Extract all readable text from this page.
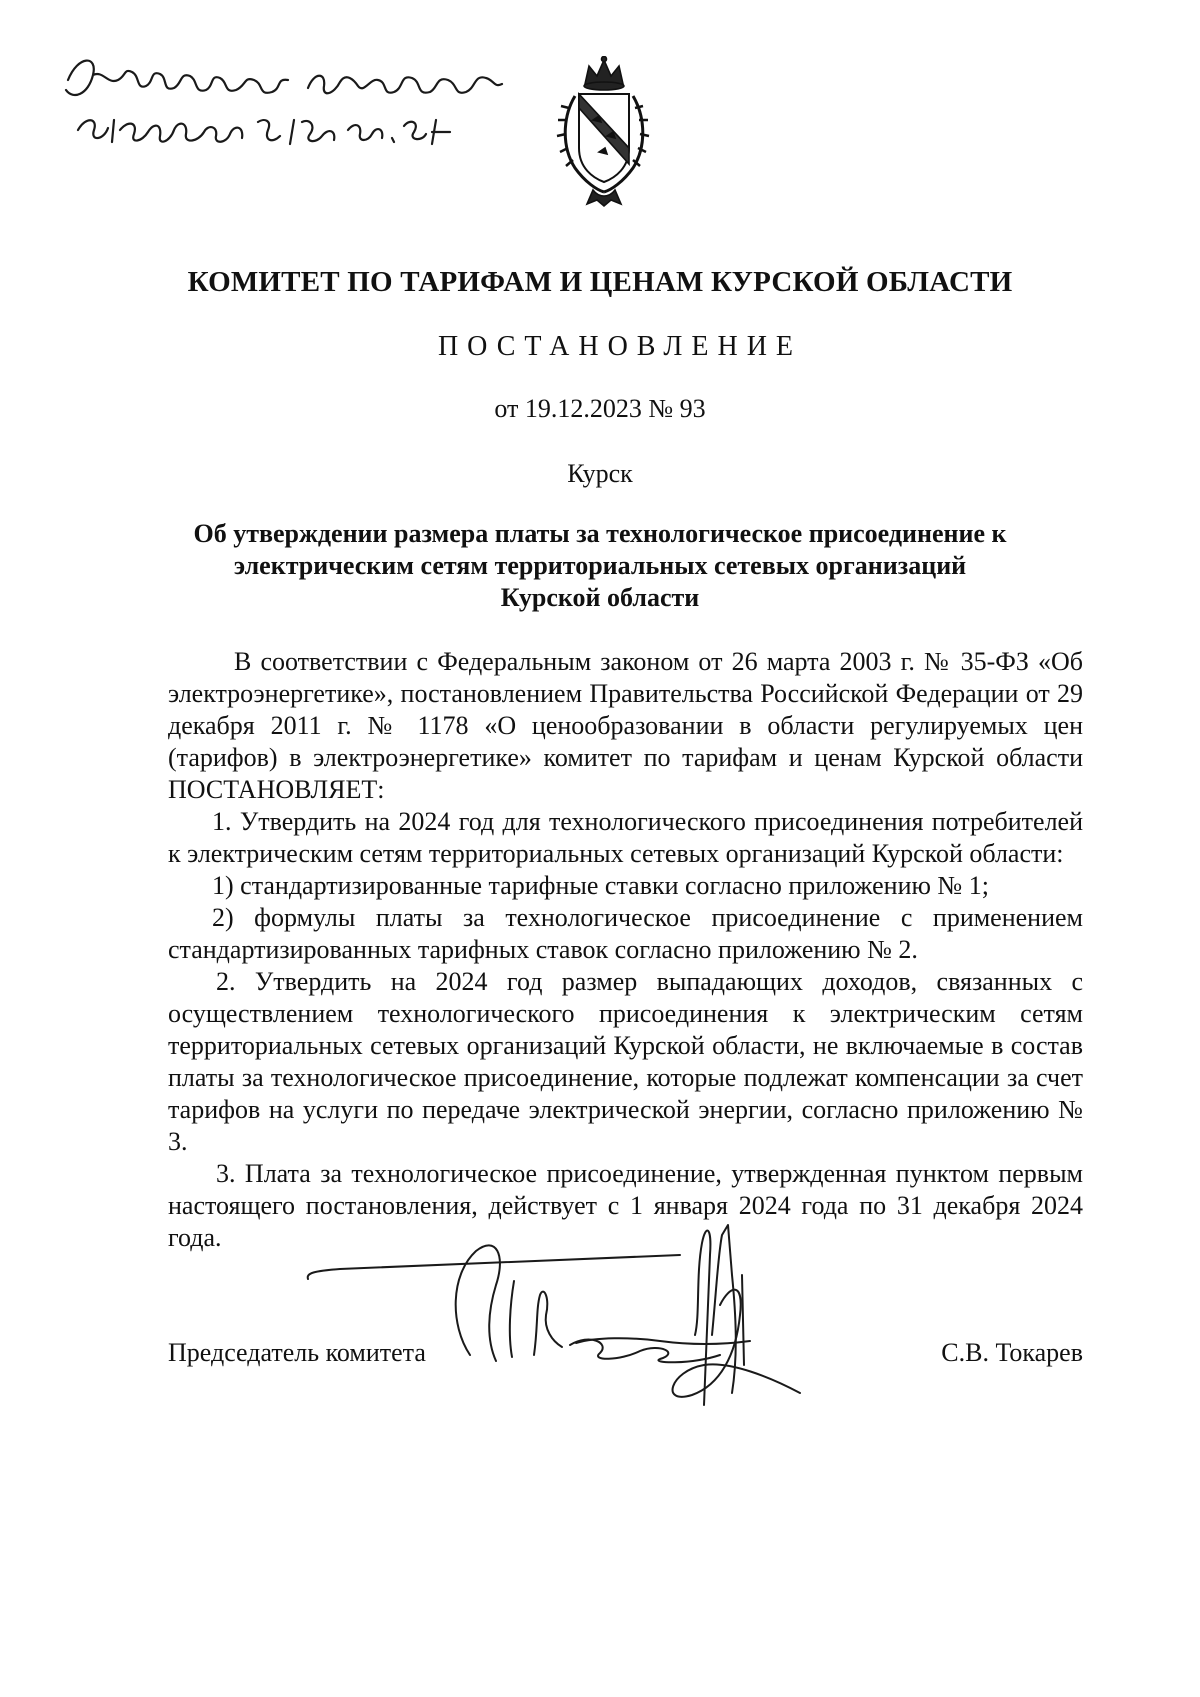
КОМИТЕТ ПО ТАРИФАМ И ЦЕНАМ КУРСКОЙ ОБЛАСТИ
ПОСТАНОВЛЕНИЕ
от 19.12.2023 № 93
Курск
Об утверждении размера платы за технологическое присоединение к
электрическим сетям территориальных сетевых организаций
Курской области

В соответствии с Федеральным законом от 26 марта 2003 г. № 35-ФЗ «Об электроэнергетике», постановлением Правительства Российской Федерации от 29 декабря 2011 г. № 1178 «О ценообразовании в области регулируемых цен (тарифов) в электроэнергетике» комитет по тарифам и ценам Курской области ПОСТАНОВЛЯЕТ:

1. Утвердить на 2024 год для технологического присоединения потребителей к электрическим сетям территориальных сетевых организаций Курской области:

1) стандартизированные тарифные ставки согласно приложению № 1;

2) формулы платы за технологическое присоединение с применением стандартизированных тарифных ставок согласно приложению № 2.

2. Утвердить на 2024 год размер выпадающих доходов, связанных с осуществлением технологического присоединения к электрическим сетям территориальных сетевых организаций Курской области, не включаемые в состав платы за технологическое присоединение, которые подлежат компенсации за счет тарифов на услуги по передаче электрической энергии, согласно приложению № 3.

3. Плата за технологическое присоединение, утвержденная пунктом первым настоящего постановления, действует с 1 января 2024 года по 31 декабря 2024 года.

Председатель комитета	С.В. Токарев
